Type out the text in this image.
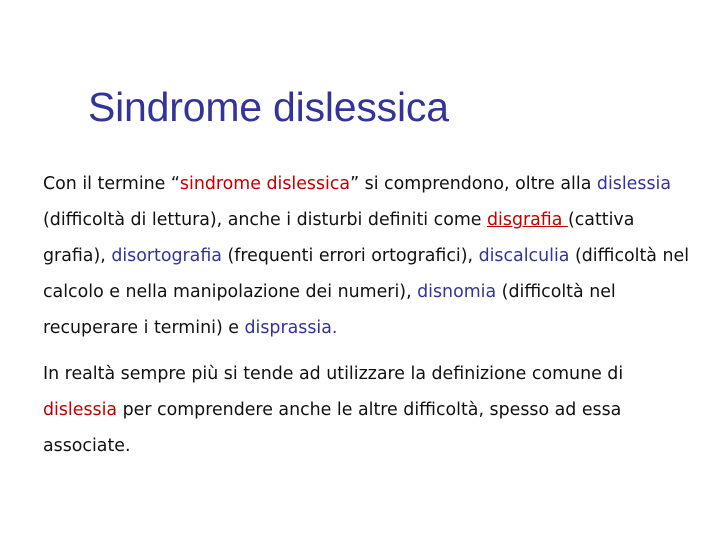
Sindrome dislessica

Con il termine “sindrome dislessica” si comprendono, oltre alla dislessia (difficoltà di lettura), anche i disturbi definiti come disgrafia (cattiva grafia), disortografia (frequenti errori ortografici), discalculia (difficoltà nel calcolo e nella manipolazione dei numeri), disnomia (difficoltà nel recuperare i termini) e disprassia.

In realtà sempre più si tende ad utilizzare la definizione comune di dislessia per comprendere anche le altre difficoltà, spesso ad essa associate.
